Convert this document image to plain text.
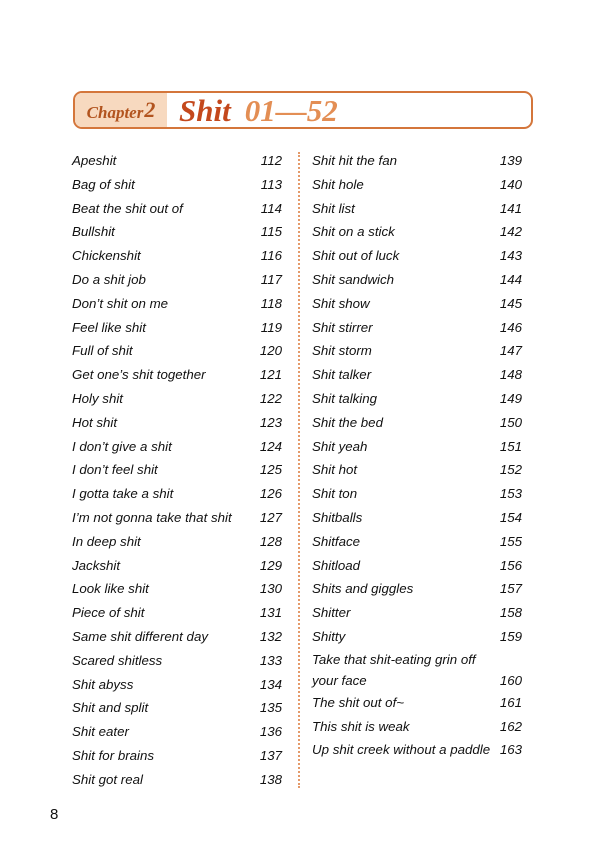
Chapter 2 Shit 01—52
Apeshit	112
Bag of shit	113
Beat the shit out of	114
Bullshit	115
Chickenshit	116
Do a shit job	117
Don’t shit on me	118
Feel like shit	119
Full of shit	120
Get one’s shit together	121
Holy shit	122
Hot shit	123
I don’t give a shit	124
I don’t feel shit	125
I gotta take a shit	126
I’m not gonna take that shit 127
In deep shit	128
Jackshit	129
Look like shit	130
Piece of shit	131
Same shit different day	132
Scared shitless	133
Shit abyss	134
Shit and split	135
Shit eater	136
Shit for brains	137
Shit got real	138
Shit hit the fan	139
Shit hole	140
Shit list	141
Shit on a stick	142
Shit out of luck	143
Shit sandwich	144
Shit show	145
Shit stirrer	146
Shit storm	147
Shit talker	148
Shit talking	149
Shit the bed	150
Shit yeah	151
Shit hot	152
Shit ton	153
Shitballs	154
Shitface	155
Shitload	156
Shits and giggles	157
Shitter	158
Shitty	159
Take that shit-eating grin off your face	160
The shit out of~	161
This shit is weak	162
Up shit creek without a paddle 163
8
